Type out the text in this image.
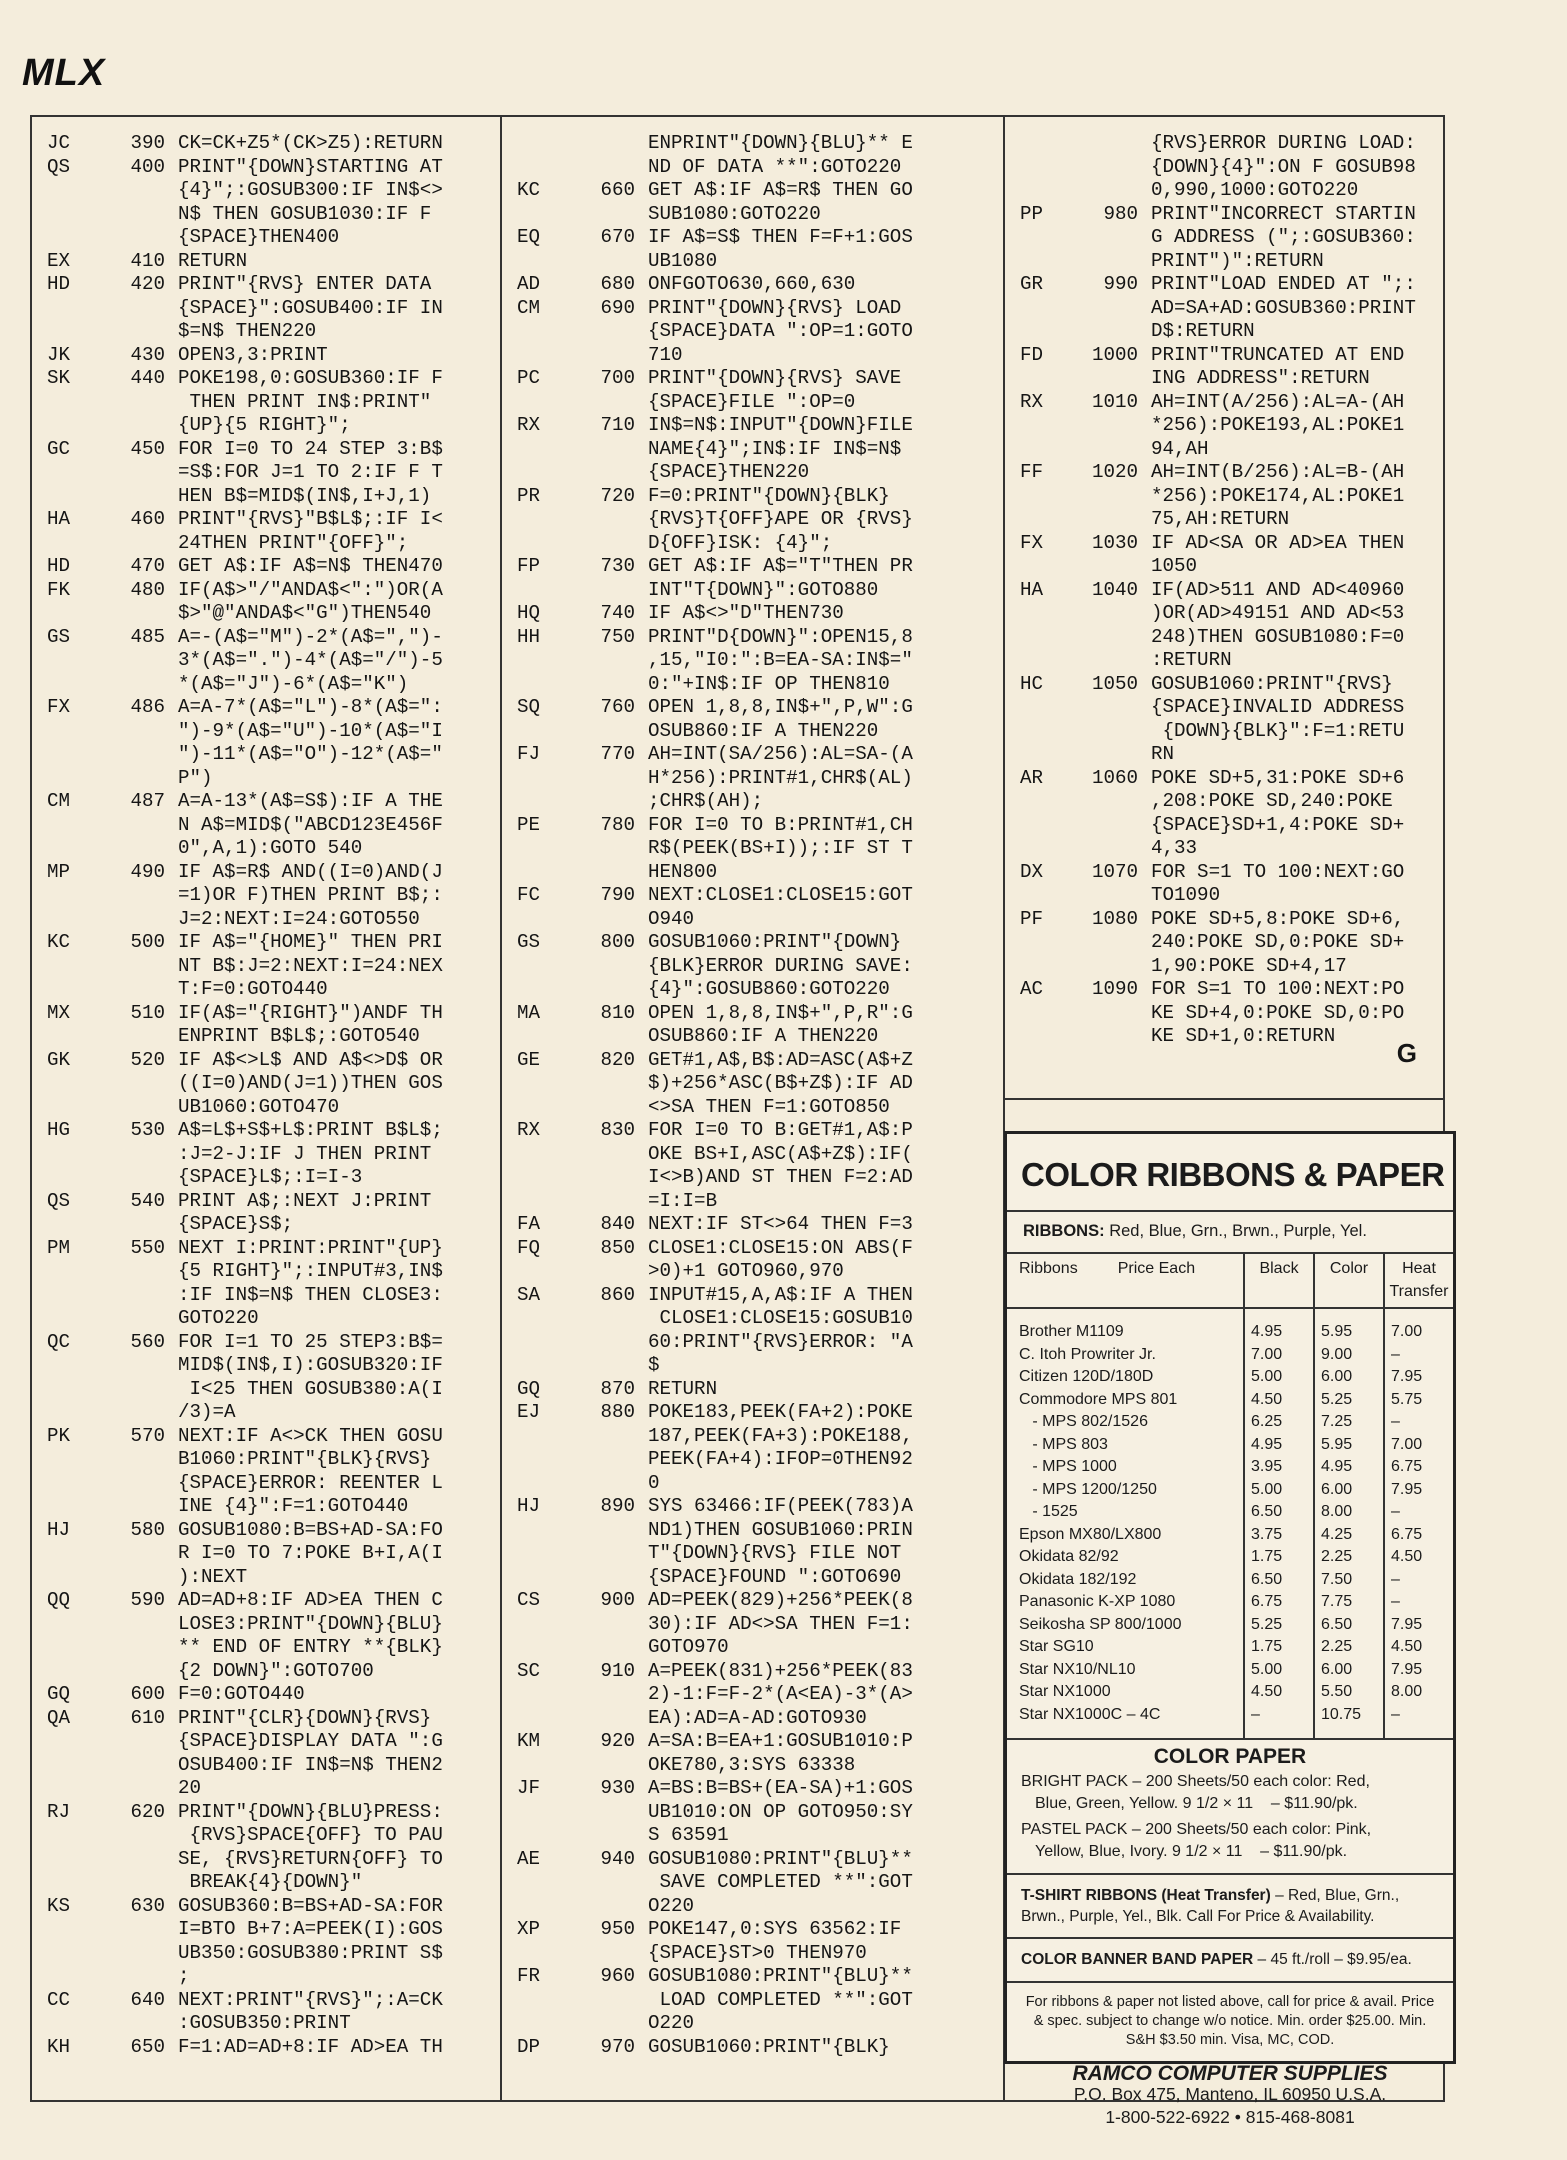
MLX
JC	390 CK=CK+Z5*(CK>Z5):RETURN
QS	400 PRINT"{DOWN}STARTING AT
{4}";:GOSUB300:IF IN$<>
N$ THEN GOSUB1030:IF F
{SPACE}THEN400
EX	410 RETURN
HD	420 PRINT"{RVS} ENTER DATA
{SPACE}":GOSUB400:IF IN
$=N$ THEN220
JK	430 OPEN3,3:PRINT
SK	440 POKE198,0:GOSUB360:IF F
THEN PRINT IN$:PRINT"
{UP}{5 RIGHT}";
GC	450 FOR I=0 TO 24 STEP 3:B$
=S$:FOR J=1 TO 2:IF F T
HEN B$=MID$(IN$,I+J,1)
HA	460 PRINT"{RVS}"B$L$;:IF I<
24THEN PRINT"{OFF}";
HD	470 GET A$:IF A$=N$ THEN470
FK	480 IF(A$>"/"ANDA$<":")OR(A
$>"@"ANDA$<"G")THEN540
GS	485 A=-(A$="M")-2*(A$=",")-
3*(A$=".")-4*(A$="/")-5
*(A$="J")-6*(A$="K")
FX	486 A=A-7*(A$="L")-8*(A$=":
")-9*(A$="U")-10*(A$="I
")-11*(A$="O")-12*(A$="
P")
CM	487 A=A-13*(A$=S$):IF A THE
N A$=MID$("ABCD123E456F
0",A,1):GOTO 540
MP	490 IF A$=R$ AND((I=0)AND(J
=1)OR F)THEN PRINT B$;:
J=2:NEXT:I=24:GOTO550
KC	500 IF A$="{HOME}" THEN PRI
NT B$:J=2:NEXT:I=24:NEX
T:F=0:GOTO440
MX	510 IF(A$="{RIGHT}")ANDF TH
ENPRINT B$L$;:GOTO540
GK	520 IF A$<>L$ AND A$<>D$ OR
((I=0)AND(J=1))THEN GOS
UB1060:GOTO470
HG	530 A$=L$+S$+L$:PRINT B$L$;
:J=2-J:IF J THEN PRINT
{SPACE}L$;:I=I-3
QS	540 PRINT A$;:NEXT J:PRINT
{SPACE}S$;
PM	550 NEXT I:PRINT:PRINT"{UP}
{5 RIGHT}";:INPUT#3,IN$
:IF IN$=N$ THEN CLOSE3:
GOTO220
QC	560 FOR I=1 TO 25 STEP3:B$=
MID$(IN$,I):GOSUB320:IF
I<25 THEN GOSUB380:A(I
/3)=A
PK	570 NEXT:IF A<>CK THEN GOSU
B1060:PRINT"{BLK}{RVS}
{SPACE}ERROR: REENTER L
INE {4}":F=1:GOTO440
HJ	580 GOSUB1080:B=BS+AD-SA:FO
R I=0 TO 7:POKE B+I,A(I
):NEXT
QQ	590 AD=AD+8:IF AD>EA THEN C
LOSE3:PRINT"{DOWN}{BLU}
** END OF ENTRY **{BLK}
{2 DOWN}":GOTO700
GQ	600 F=0:GOTO440
QA	610 PRINT"{CLR}{DOWN}{RVS}
{SPACE}DISPLAY DATA ":G
OSUB400:IF IN$=N$ THEN2
20
RJ	620 PRINT"{DOWN}{BLU}PRESS:
{RVS}SPACE{OFF} TO PAU
SE, {RVS}RETURN{OFF} TO
BREAK{4}{DOWN}"
KS	630 GOSUB360:B=BS+AD-SA:FOR
I=BTO B+7:A=PEEK(I):GOS
UB350:GOSUB380:PRINT S$
;
CC	640 NEXT:PRINT"{RVS}";:A=CK
:GOSUB350:PRINT
KH	650 F=1:AD=AD+8:IF AD>EA TH
ENPRINT"{DOWN}{BLU}** E
ND OF DATA **":GOTO220
KC	660 GET A$:IF A$=R$ THEN GO
SUB1080:GOTO220
EQ	670 IF A$=S$ THEN F=F+1:GOS
UB1080
AD	680 ONFGOTO630,660,630
CM	690 PRINT"{DOWN}{RVS} LOAD
{SPACE}DATA ":OP=1:GOTO
710
PC	700 PRINT"{DOWN}{RVS} SAVE
{SPACE}FILE ":OP=0
RX	710 IN$=N$:INPUT"{DOWN}FILE
NAME{4}";IN$:IF IN$=N$
{SPACE}THEN220
PR	720 F=0:PRINT"{DOWN}{BLK}
{RVS}T{OFF}APE OR {RVS}
D{OFF}ISK: {4}";
FP	730 GET A$:IF A$="T"THEN PR
INT"T{DOWN}":GOTO880
HQ	740 IF A$<>"D"THEN730
HH	750 PRINT"D{DOWN}":OPEN15,8
,15,"I0:":B=EA-SA:IN$="
0:"+IN$:IF OP THEN810
SQ	760 OPEN 1,8,8,IN$+",P,W":G
OSUB860:IF A THEN220
FJ	770 AH=INT(SA/256):AL=SA-(A
H*256):PRINT#1,CHR$(AL)
;CHR$(AH);
PE	780 FOR I=0 TO B:PRINT#1,CH
R$(PEEK(BS+I));:IF ST T
HEN800
FC	790 NEXT:CLOSE1:CLOSE15:GOT
O940
GS	800 GOSUB1060:PRINT"{DOWN}
{BLK}ERROR DURING SAVE:
{4}":GOSUB860:GOTO220
MA	810 OPEN 1,8,8,IN$+",P,R":G
OSUB860:IF A THEN220
GE	820 GET#1,A$,B$:AD=ASC(A$+Z
$)+256*ASC(B$+Z$):IF AD
<>SA THEN F=1:GOTO850
RX	830 FOR I=0 TO B:GET#1,A$:P
OKE BS+I,ASC(A$+Z$):IF(
I<>B)AND ST THEN F=2:AD
=I:I=B
FA	840 NEXT:IF ST<>64 THEN F=3
FQ	850 CLOSE1:CLOSE15:ON ABS(F
>0)+1 GOTO960,970
SA	860 INPUT#15,A,A$:IF A THEN
CLOSE1:CLOSE15:GOSUB10
60:PRINT"{RVS}ERROR: "A
$
GQ	870 RETURN
EJ	880 POKE183,PEEK(FA+2):POKE
187,PEEK(FA+3):POKE188,
PEEK(FA+4):IFOP=0THEN92
0
HJ	890 SYS 63466:IF(PEEK(783)A
ND1)THEN GOSUB1060:PRIN
T"{DOWN}{RVS} FILE NOT
{SPACE}FOUND ":GOTO690
CS	900 AD=PEEK(829)+256*PEEK(8
30):IF AD<>SA THEN F=1:
GOTO970
SC	910 A=PEEK(831)+256*PEEK(83
2)-1:F=F-2*(A<EA)-3*(A>
EA):AD=A-AD:GOTO930
KM	920 A=SA:B=EA+1:GOSUB1010:P
OKE780,3:SYS 63338
JF	930 A=BS:B=BS+(EA-SA)+1:GOS
UB1010:ON OP GOTO950:SY
S 63591
AE	940 GOSUB1080:PRINT"{BLU}**
SAVE COMPLETED **":GOT
O220
XP	950 POKE147,0:SYS 63562:IF
{SPACE}ST>0 THEN970
FR	960 GOSUB1080:PRINT"{BLU}**
LOAD COMPLETED **":GOT
O220
DP	970 GOSUB1060:PRINT"{BLK}
{RVS}ERROR DURING LOAD:
{DOWN}{4}":ON F GOSUB98
0,990,1000:GOTO220
PP	980 PRINT"INCORRECT STARTIN
G ADDRESS (";:GOSUB360:
PRINT")":RETURN
GR	990 PRINT"LOAD ENDED AT ";:
AD=SA+AD:GOSUB360:PRINT
D$:RETURN
FD	1000 PRINT"TRUNCATED AT END
ING ADDRESS":RETURN
RX	1010 AH=INT(A/256):AL=A-(AH
*256):POKE193,AL:POKE1
94,AH
FF	1020 AH=INT(B/256):AL=B-(AH
*256):POKE174,AL:POKE1
75,AH:RETURN
FX	1030 IF AD<SA OR AD>EA THEN
1050
HA	1040 IF(AD>511 AND AD<40960
)OR(AD>49151 AND AD<53
248)THEN GOSUB1080:F=0
:RETURN
HC	1050 GOSUB1060:PRINT"{RVS}
{SPACE}INVALID ADDRESS
{DOWN}{BLK}":F=1:RETU
RN
AR	1060 POKE SD+5,31:POKE SD+6
,208:POKE SD,240:POKE
{SPACE}SD+1,4:POKE SD+
4,33
DX	1070 FOR S=1 TO 100:NEXT:GO
TO1090
PF	1080 POKE SD+5,8:POKE SD+6,
240:POKE SD,0:POKE SD+
1,90:POKE SD+4,17
AC	1090 FOR S=1 TO 100:NEXT:PO
KE SD+4,0:POKE SD,0:PO
KE SD+1,0:RETURN
G
COLOR RIBBONS & PAPER
RIBBONS: Red, Blue, Grn., Brwn., Purple, Yel.
Ribbons Price Each	Black	Color	Heat Transfer

Brother M1109	4.95	5.95	7.00
C. Itoh Prowriter Jr.	7.00	9.00	–
Citizen 120D/180D	5.00	6.00	7.95
Commodore MPS 801	4.50	5.25	5.75
- MPS 802/1526	6.25	7.25	–
- MPS 803	4.95	5.95	7.00
- MPS 1000	3.95	4.95	6.75
- MPS 1200/1250	5.00	6.00	7.95
- 1525	6.50	8.00	–
Epson MX80/LX800	3.75	4.25	6.75
Okidata 82/92	1.75	2.25	4.50
Okidata 182/192	6.50	7.50	–
Panasonic K-XP 1080	6.75	7.75	–
Seikosha SP 800/1000	5.25	6.50	7.95
Star SG10	1.75	2.25	4.50
Star NX10/NL10	5.00	6.00	7.95
Star NX1000	4.50	5.50	8.00
Star NX1000C – 4C	–	10.75	–

COLOR PAPER
BRIGHT PACK – 200 Sheets/50 each color: Red,
Blue, Green, Yellow. 9 1/2 × 11    – $11.90/pk.
PASTEL PACK – 200 Sheets/50 each color: Pink,
Yellow, Blue, Ivory. 9 1/2 × 11    – $11.90/pk.
T-SHIRT RIBBONS (Heat Transfer) – Red, Blue, Grn., Brwn., Purple, Yel., Blk. Call For Price & Availability.
COLOR BANNER BAND PAPER – 45 ft./roll – $9.95/ea.
For ribbons & paper not listed above, call for price & avail. Price & spec. subject to change w/o notice. Min. order $25.00. Min. S&H $3.50 min. Visa, MC, COD.
RAMCO COMPUTER SUPPLIES
P.O. Box 475, Manteno, IL 60950 U.S.A.
1-800-522-6922 • 815-468-8081
